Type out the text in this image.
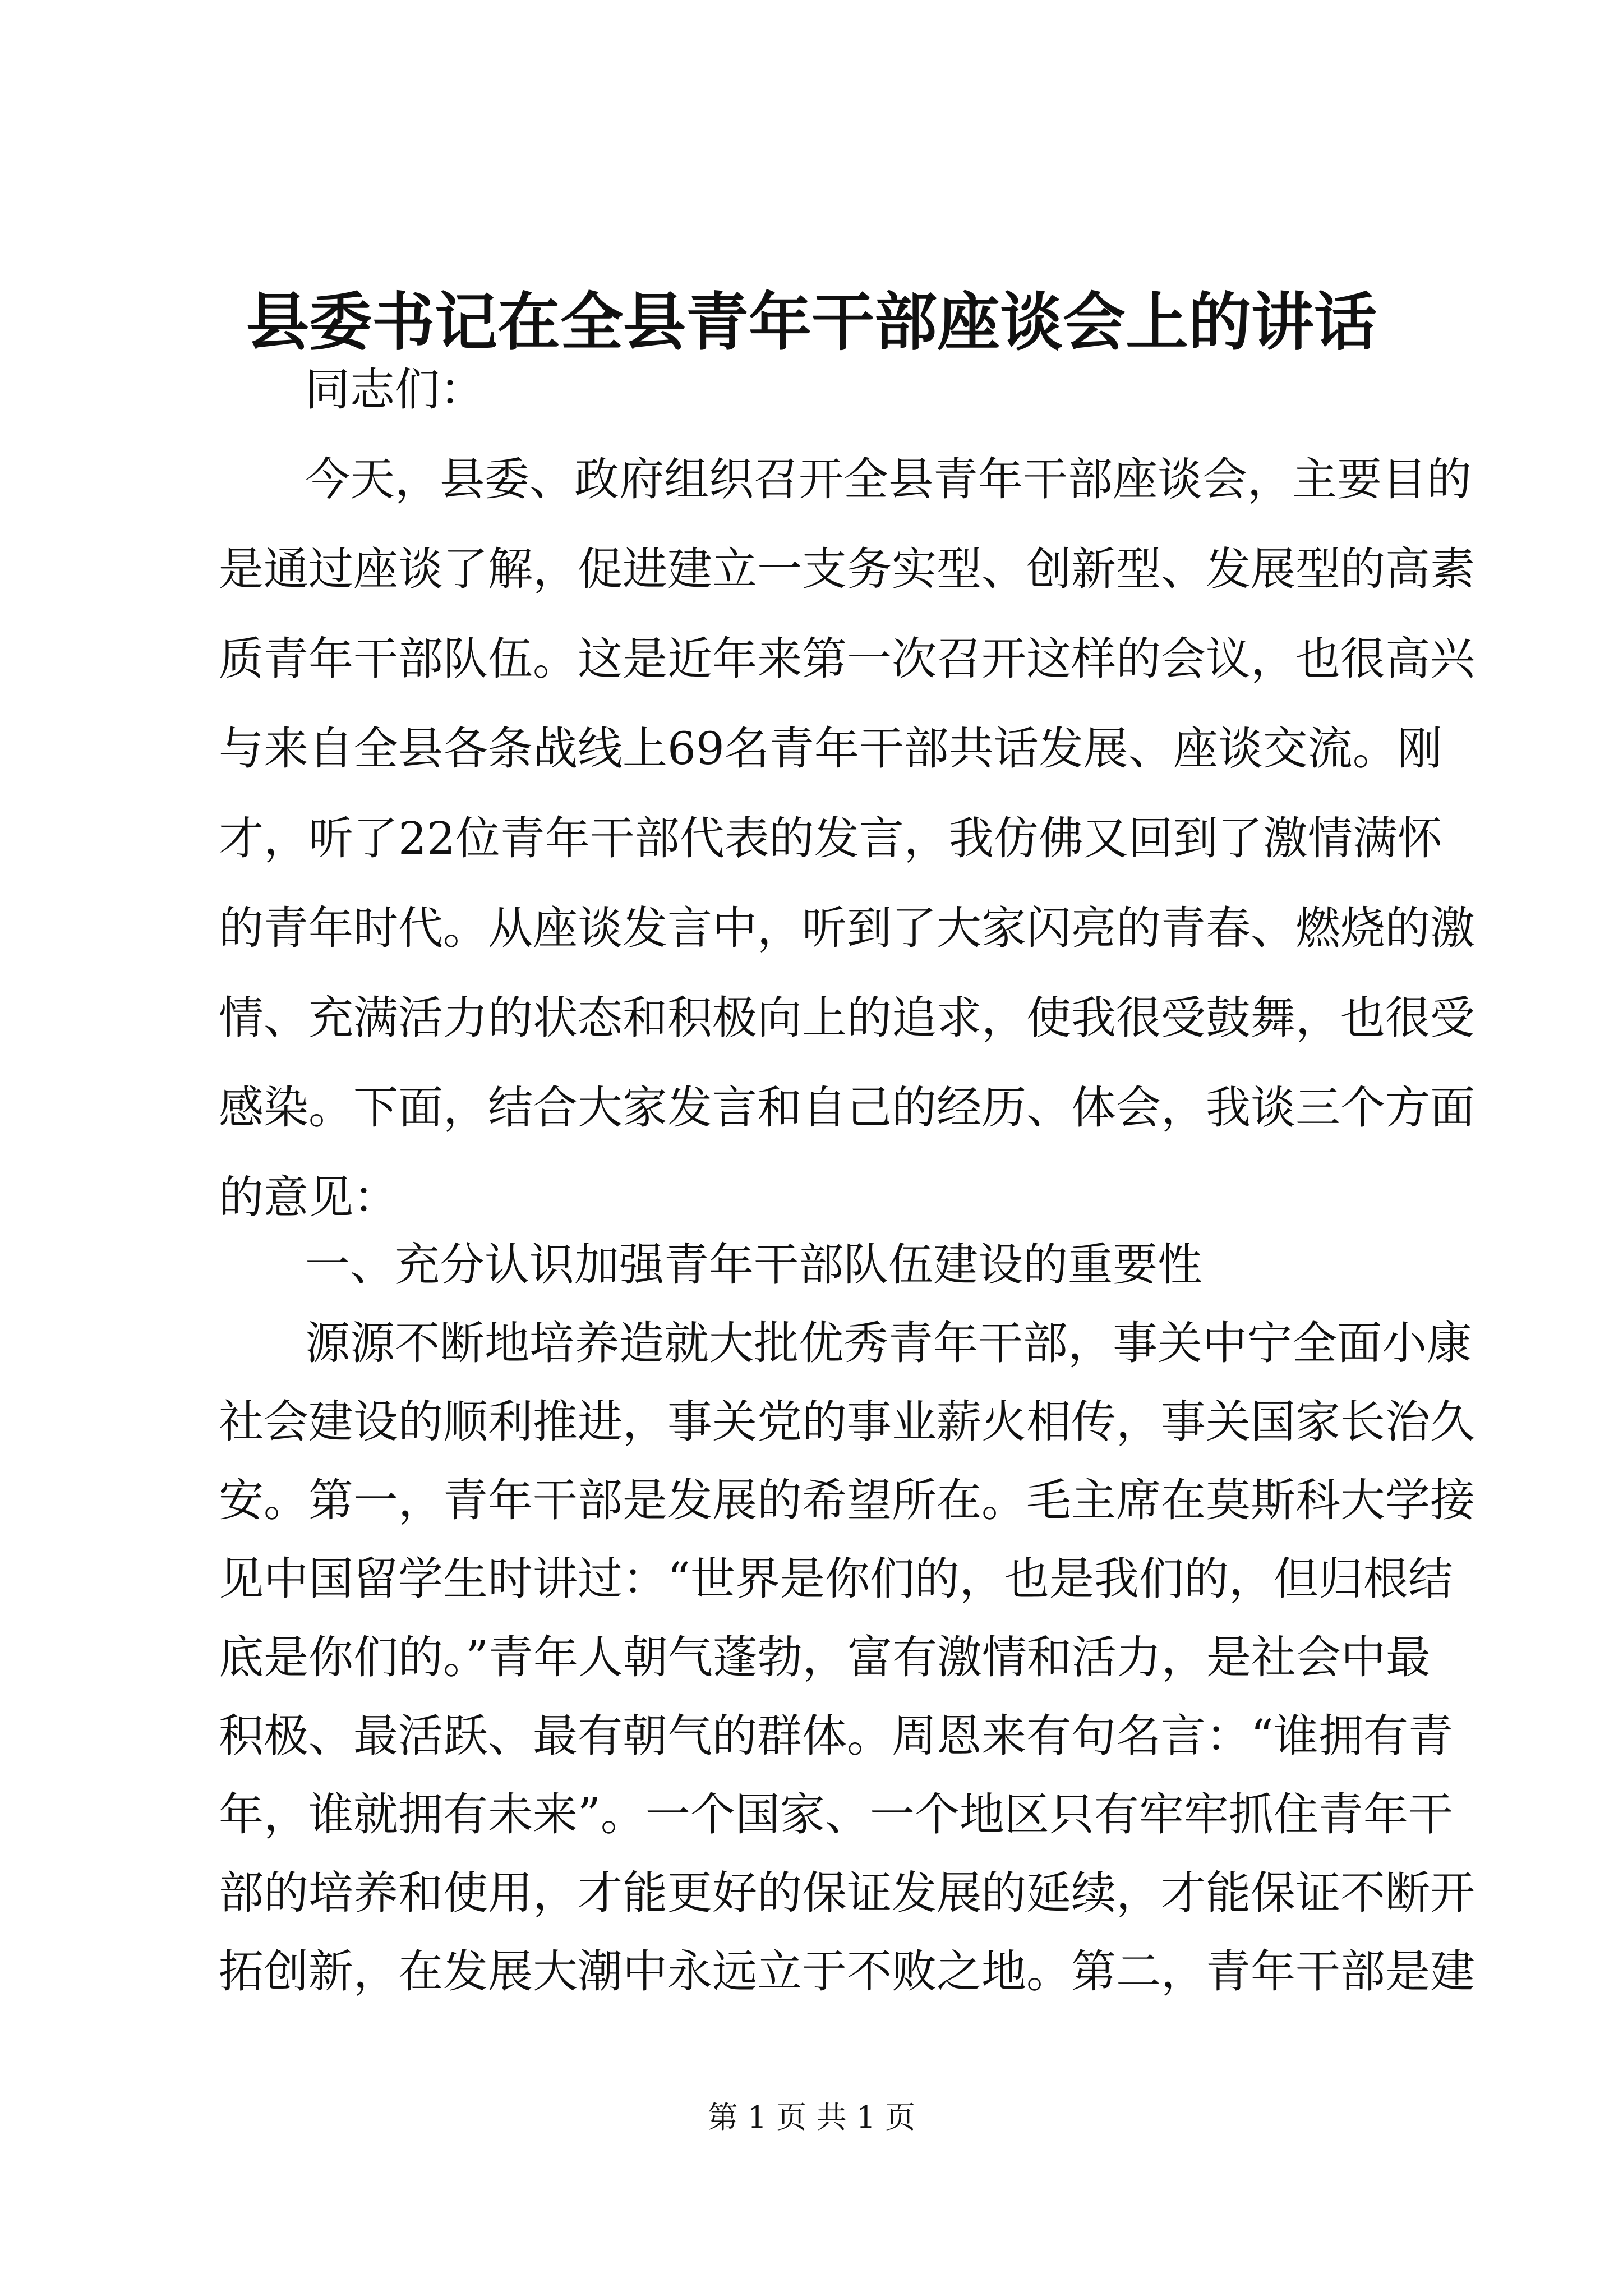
县委书记在全县青年干部座谈会上的讲话
同志们：
今天，县委、政府组织召开全县青年干部座谈会，主要目的
是通过座谈了解，促进建立一支务实型、创新型、发展型的高素
质青年干部队伍。这是近年来第一次召开这样的会议，也很高兴
与来自全县各条战线上69名青年干部共话发展、座谈交流。刚
才，听了22位青年干部代表的发言，我仿佛又回到了激情满怀
的青年时代。从座谈发言中，听到了大家闪亮的青春、燃烧的激
情、充满活力的状态和积极向上的追求，使我很受鼓舞，也很受
感染。下面，结合大家发言和自己的经历、体会，我谈三个方面
的意见：
一、充分认识加强青年干部队伍建设的重要性
源源不断地培养造就大批优秀青年干部，事关中宁全面小康
社会建设的顺利推进，事关党的事业薪火相传，事关国家长治久
安。第一，青年干部是发展的希望所在。毛主席在莫斯科大学接
见中国留学生时讲过：“世界是你们的，也是我们的，但归根结
底是你们的。”青年人朝气蓬勃，富有激情和活力，是社会中最
积极、最活跃、最有朝气的群体。周恩来有句名言：“谁拥有青
年，谁就拥有未来”。一个国家、一个地区只有牢牢抓住青年干
部的培养和使用，才能更好的保证发展的延续，才能保证不断开
拓创新，在发展大潮中永远立于不败之地。第二，青年干部是建
第 1 页 共 1 页
